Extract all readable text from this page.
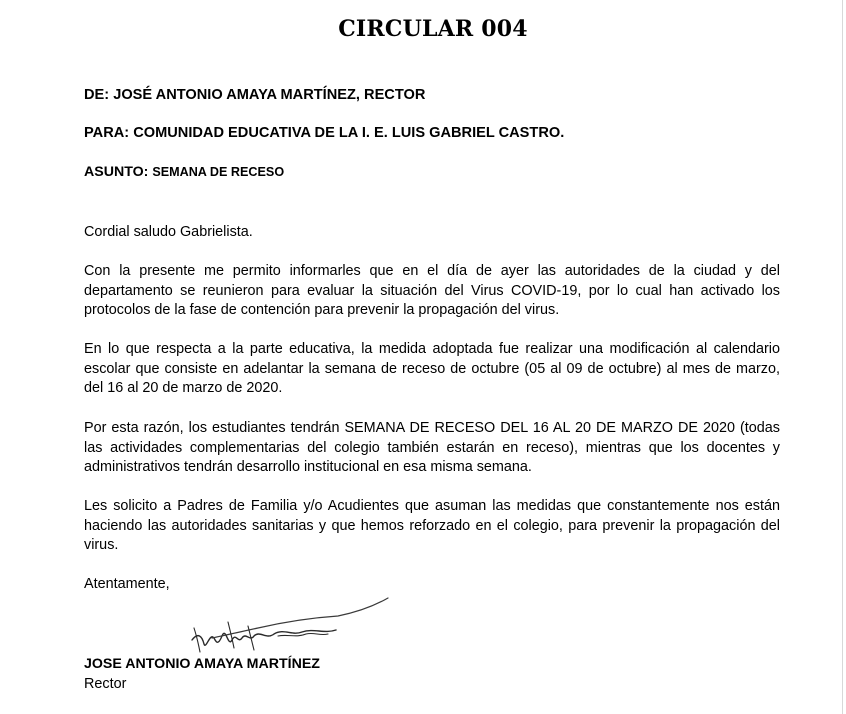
CIRCULAR 004
DE: JOSÉ ANTONIO AMAYA MARTÍNEZ, RECTOR
PARA: COMUNIDAD EDUCATIVA DE LA I. E. LUIS GABRIEL CASTRO.
ASUNTO: SEMANA DE RECESO

Cordial saludo Gabrielista.

Con la presente me permito informarles que en el día de ayer las autoridades de la ciudad y del departamento se reunieron para evaluar la situación del Virus COVID-19, por lo cual han activado los protocolos de la fase de contención para prevenir la propagación del virus.

En lo que respecta a la parte educativa, la medida adoptada fue realizar una modificación al calendario escolar que consiste en adelantar la semana de receso de octubre (05 al 09 de octubre) al mes de marzo, del 16 al 20 de marzo de 2020.

Por esta razón, los estudiantes tendrán SEMANA DE RECESO DEL 16 AL 20 DE MARZO DE 2020 (todas las actividades complementarias del colegio también estarán en receso), mientras que los docentes y administrativos tendrán desarrollo institucional en esa misma semana.

Les solicito a Padres de Familia y/o Acudientes que asuman las medidas que constantemente nos están haciendo las autoridades sanitarias y que hemos reforzado en el colegio, para prevenir la propagación del virus.

Atentamente,

JOSE ANTONIO AMAYA MARTÍNEZ
Rector
